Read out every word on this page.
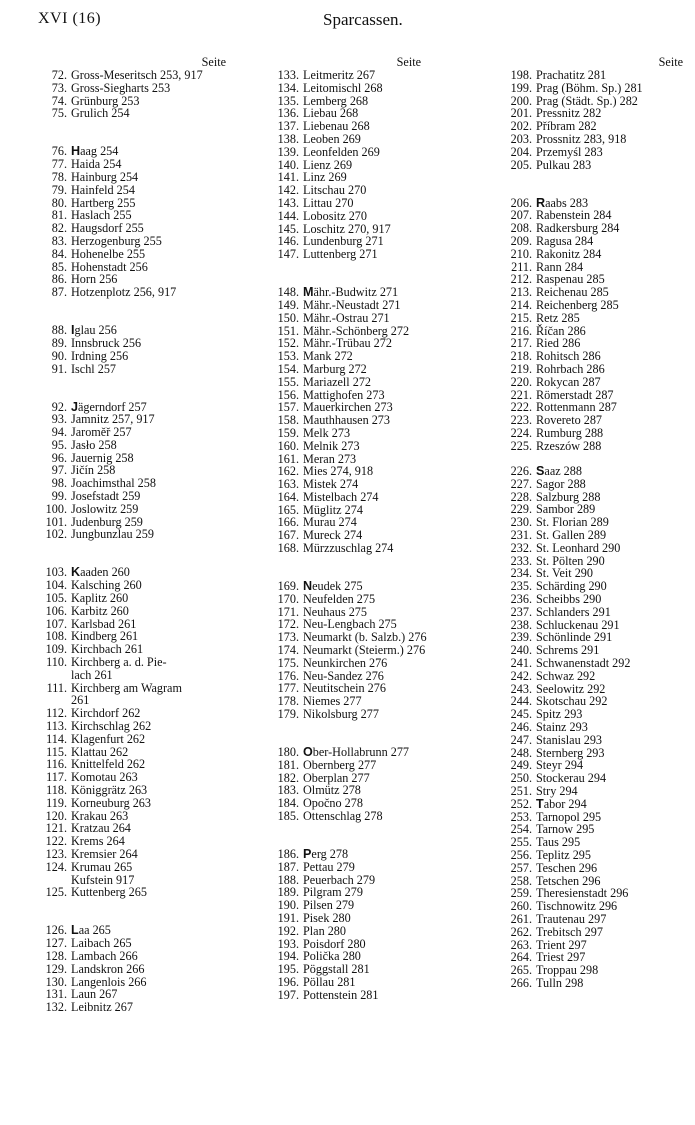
XVI (16)	Sparcassen.
Seite
72. Gross-Meseritsch 253, 917
73. Gross-Siegharts 253
74. Grünburg 253
75. Grulich 254
76. Haag 254
77. Haida 254
78. Hainburg 254
79. Hainfeld 254
80. Hartberg 255
81. Haslach 255
82. Haugsdorf 255
83. Herzogenburg 255
84. Hohenelbe 255
85. Hohenstadt 256
86. Horn 256
87. Hotzenplotz 256, 917
88. Iglau 256
89. Innsbruck 256
90. Irdning 256
91. Ischl 257
92. Jägerndorf 257
93. Jamnitz 257, 917
94. Jaroměř 257
95. Jasło 258
96. Jauernig 258
97. Jičín 258
98. Joachimsthal 258
99. Josefstadt 259
100. Joslowitz 259
101. Judenburg 259
102. Jungbunzlau 259
103. Kaaden 260
104. Kalsching 260
105. Kaplitz 260
106. Karbitz 260
107. Karlsbad 261
108. Kindberg 261
109. Kirchbach 261
110. Kirchberg a. d. Pie-
lach 261
111. Kirchberg am Wagram
261
112. Kirchdorf 262
113. Kirchschlag 262
114. Klagenfurt 262
115. Klattau 262
116. Knittelfeld 262
117. Komotau 263
118. Königgrätz 263
119. Korneuburg 263
120. Krakau 263
121. Kratzau 264
122. Krems 264
123. Kremsier 264
124. Krumau 265
Kufstein 917
125. Kuttenberg 265
126. Laa 265
127. Laibach 265
128. Lambach 266
129. Landskron 266
130. Langenlois 266
131. Laun 267
132. Leibnitz 267
Seite
133. Leitmeritz 267
134. Leitomischl 268
135. Lemberg 268
136. Liebau 268
137. Liebenau 268
138. Leoben 269
139. Leonfelden 269
140. Lienz 269
141. Linz 269
142. Litschau 270
143. Littau 270
144. Lobositz 270
145. Loschitz 270, 917
146. Lundenburg 271
147. Luttenberg 271
148. Mähr.-Budwitz 271
149. Mähr.-Neustadt 271
150. Mähr.-Ostrau 271
151. Mähr.-Schönberg 272
152. Mähr.-Trübau 272
153. Mank 272
154. Marburg 272
155. Mariazell 272
156. Mattighofen 273
157. Mauerkirchen 273
158. Mauthhausen 273
159. Melk 273
160. Melnik 273
161. Meran 273
162. Mies 274, 918
163. Mistek 274
164. Mistelbach 274
165. Müglitz 274
166. Murau 274
167. Mureck 274
168. Mürzzuschlag 274
169. Neudek 275
170. Neufelden 275
171. Neuhaus 275
172. Neu-Lengbach 275
173. Neumarkt (b. Salzb.) 276
174. Neumarkt (Steierm.) 276
175. Neunkirchen 276
176. Neu-Sandez 276
177. Neutitschein 276
178. Niemes 277
179. Nikolsburg 277
180. Ober-Hollabrunn 277
181. Obernberg 277
182. Oberplan 277
183. Olmütz 278
184. Opočno 278
185. Ottenschlag 278
186. Perg 278
187. Pettau 279
188. Peuerbach 279
189. Pilgram 279
190. Pilsen 279
191. Pisek 280
192. Plan 280
193. Poisdorf 280
194. Polička 280
195. Pöggstall 281
196. Pöllau 281
197. Pottenstein 281
Seite
198. Prachatitz 281
199. Prag (Böhm. Sp.) 281
200. Prag (Städt. Sp.) 282
201. Pressnitz 282
202. Příbram 282
203. Prossnitz 283, 918
204. Przemyśl 283
205. Pulkau 283
206. Raabs 283
207. Rabenstein 284
208. Radkersburg 284
209. Ragusa 284
210. Rakonitz 284
211. Rann 284
212. Raspenau 285
213. Reichenau 285
214. Reichenberg 285
215. Retz 285
216. Říčan 286
217. Ried 286
218. Rohitsch 286
219. Rohrbach 286
220. Rokycan 287
221. Römerstadt 287
222. Rottenmann 287
223. Rovereto 287
224. Rumburg 288
225. Rzeszów 288
226. Saaz 288
227. Sagor 288
228. Salzburg 288
229. Sambor 289
230. St. Florian 289
231. St. Gallen 289
232. St. Leonhard 290
233. St. Pölten 290
234. St. Veit 290
235. Schärding 290
236. Scheibbs 290
237. Schlanders 291
238. Schluckenau 291
239. Schönlinde 291
240. Schrems 291
241. Schwanenstadt 292
242. Schwaz 292
243. Seelowitz 292
244. Skotschau 292
245. Spitz 293
246. Stainz 293
247. Stanislau 293
248. Sternberg 293
249. Steyr 294
250. Stockerau 294
251. Stry 294
252. Tabor 294
253. Tarnopol 295
254. Tarnow 295
255. Taus 295
256. Teplitz 295
257. Teschen 296
258. Tetschen 296
259. Theresienstadt 296
260. Tischnowitz 296
261. Trautenau 297
262. Trebitsch 297
263. Trient 297
264. Triest 297
265. Troppau 298
266. Tulln 298
